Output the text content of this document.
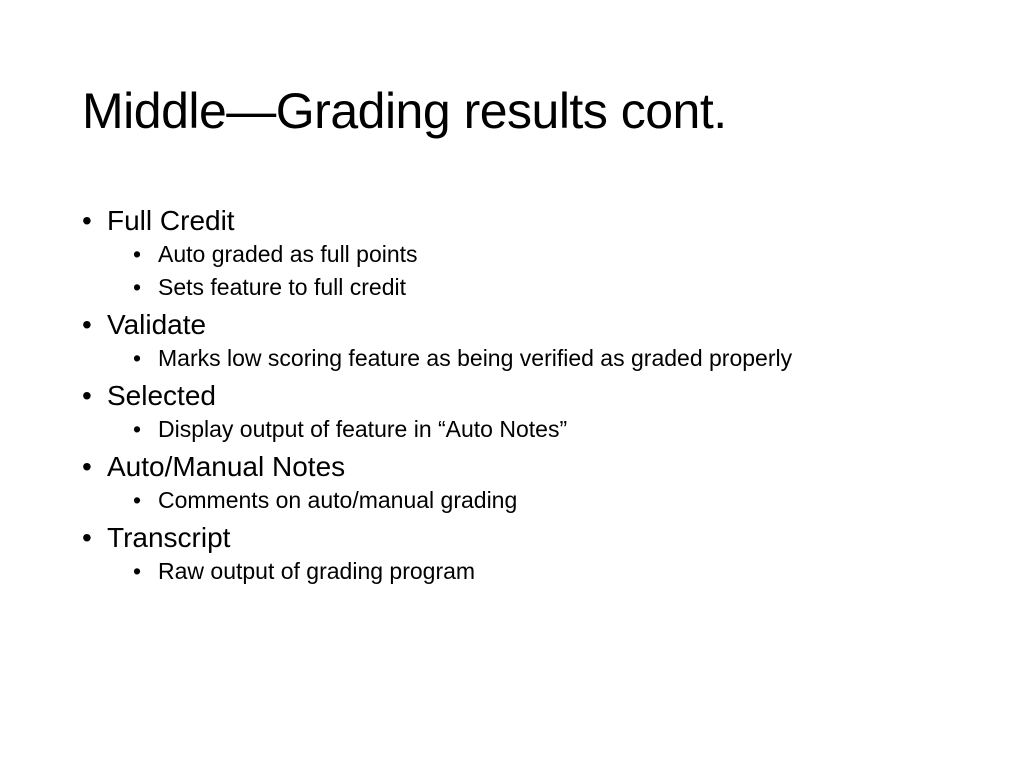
Middle—Grading results cont.
• Full Credit
• Auto graded as full points
• Sets feature to full credit
• Validate
• Marks low scoring feature as being verified as graded properly
• Selected
• Display output of feature in “Auto Notes”
• Auto/Manual Notes
• Comments on auto/manual grading
• Transcript
• Raw output of grading program
